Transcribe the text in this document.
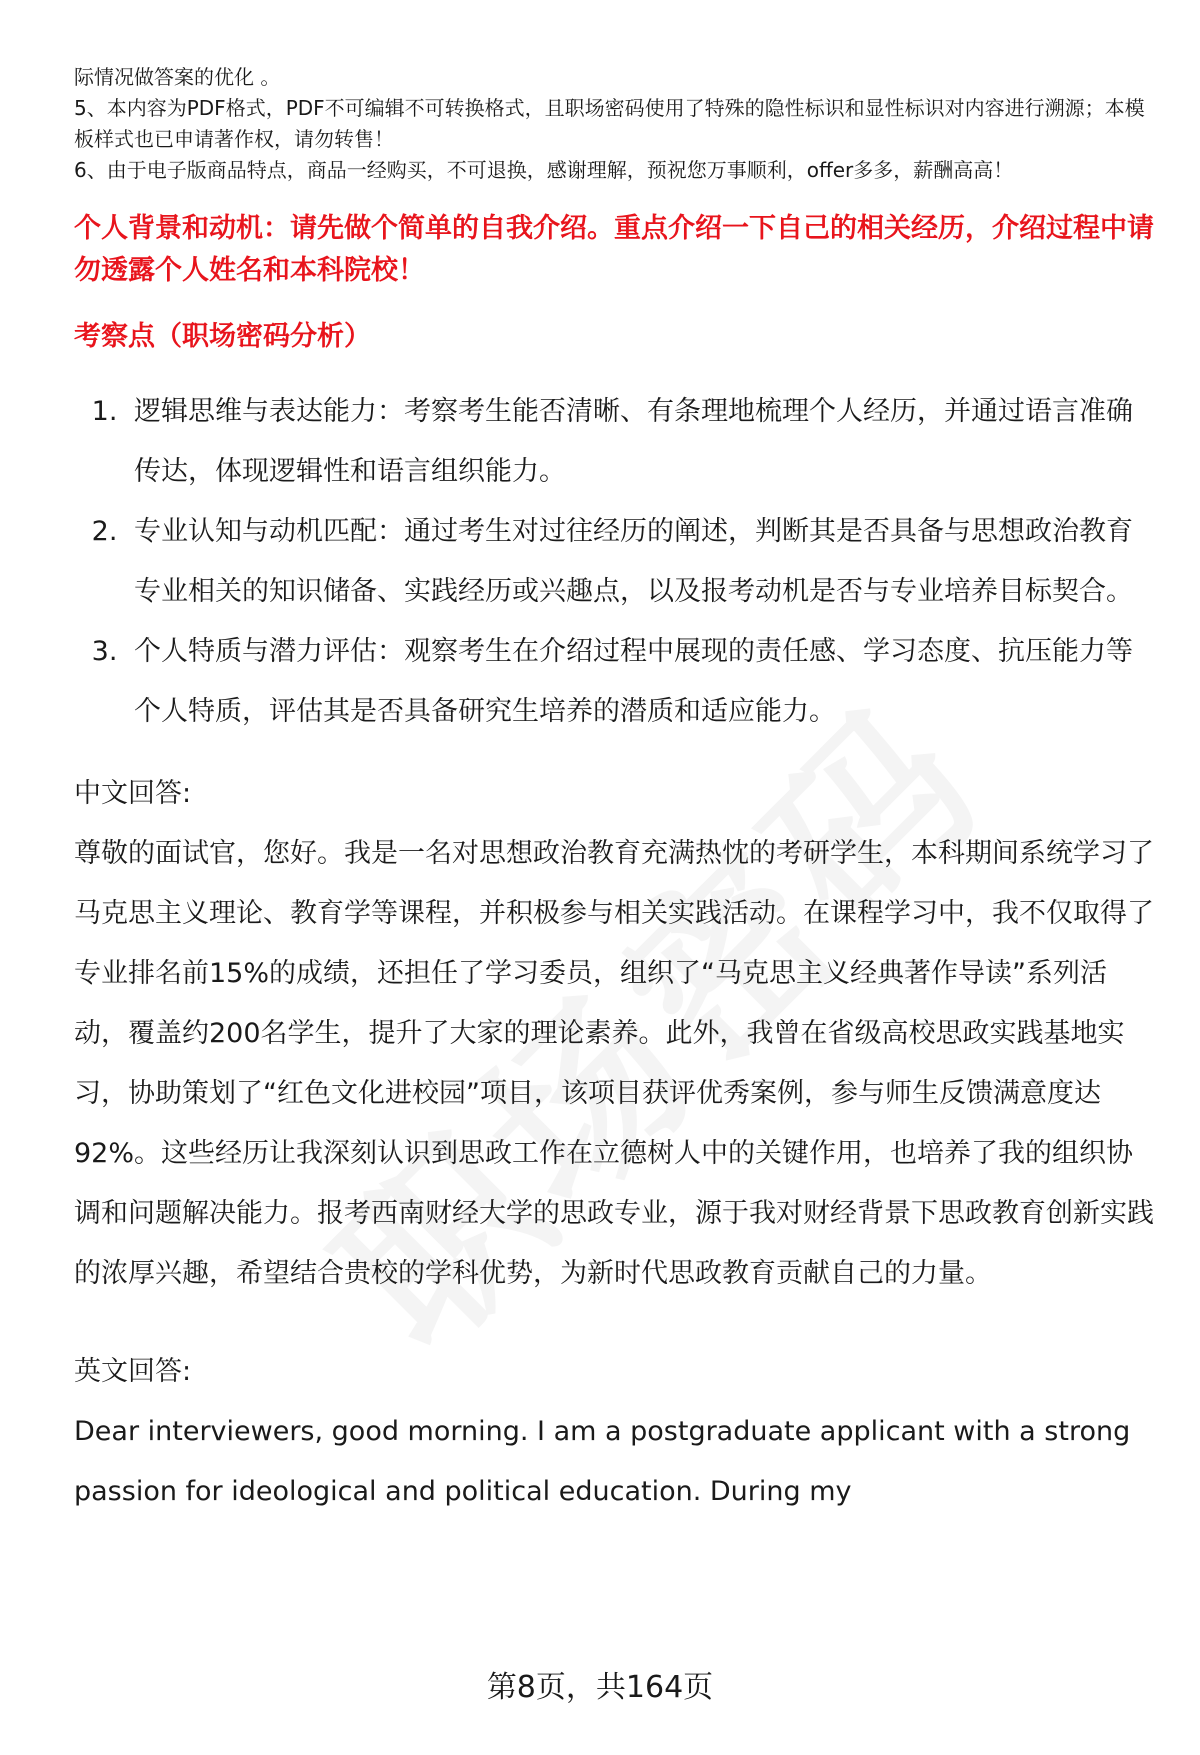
际情况做答案的优化 。

5、本内容为PDF格式，PDF不可编辑不可转换格式，且职场密码使用了特殊的隐性标识和显性标识对内容进行溯源；本模板样式也已申请著作权，请勿转售！

6、由于电子版商品特点，商品一经购买，不可退换，感谢理解，预祝您万事顺利，offer多多，薪酬高高！

个人背景和动机：请先做个简单的自我介绍。重点介绍一下自己的相关经历，介绍过程中请勿透露个人姓名和本科院校！
考察点（职场密码分析）
1. 逻辑思维与表达能力：考察考生能否清晰、有条理地梳理个人经历，并通过语言准确传达，体现逻辑性和语言组织能力。
2. 专业认知与动机匹配：通过考生对过往经历的阐述，判断其是否具备与思想政治教育专业相关的知识储备、实践经历或兴趣点，以及报考动机是否与专业培养目标契合。
3. 个人特质与潜力评估：观察考生在介绍过程中展现的责任感、学习态度、抗压能力等个人特质，评估其是否具备研究生培养的潜质和适应能力。
中文回答:

尊敬的面试官，您好。我是一名对思想政治教育充满热忱的考研学生，本科期间系统学习了马克思主义理论、教育学等课程，并积极参与相关实践活动。在课程学习中，我不仅取得了专业排名前15%的成绩，还担任了学习委员，组织了“马克思主义经典著作导读”系列活动，覆盖约200名学生，提升了大家的理论素养。此外，我曾在省级高校思政实践基地实习，协助策划了“红色文化进校园”项目，该项目获评优秀案例，参与师生反馈满意度达92%。这些经历让我深刻认识到思政工作在立德树人中的关键作用，也培养了我的组织协调和问题解决能力。报考西南财经大学的思政专业，源于我对财经背景下思政教育创新实践的浓厚兴趣，希望结合贵校的学科优势，为新时代思政教育贡献自己的力量。

英文回答:

Dear interviewers, good morning. I am a postgraduate applicant with a strong passion for ideological and political education. During my

第8页，共164页
